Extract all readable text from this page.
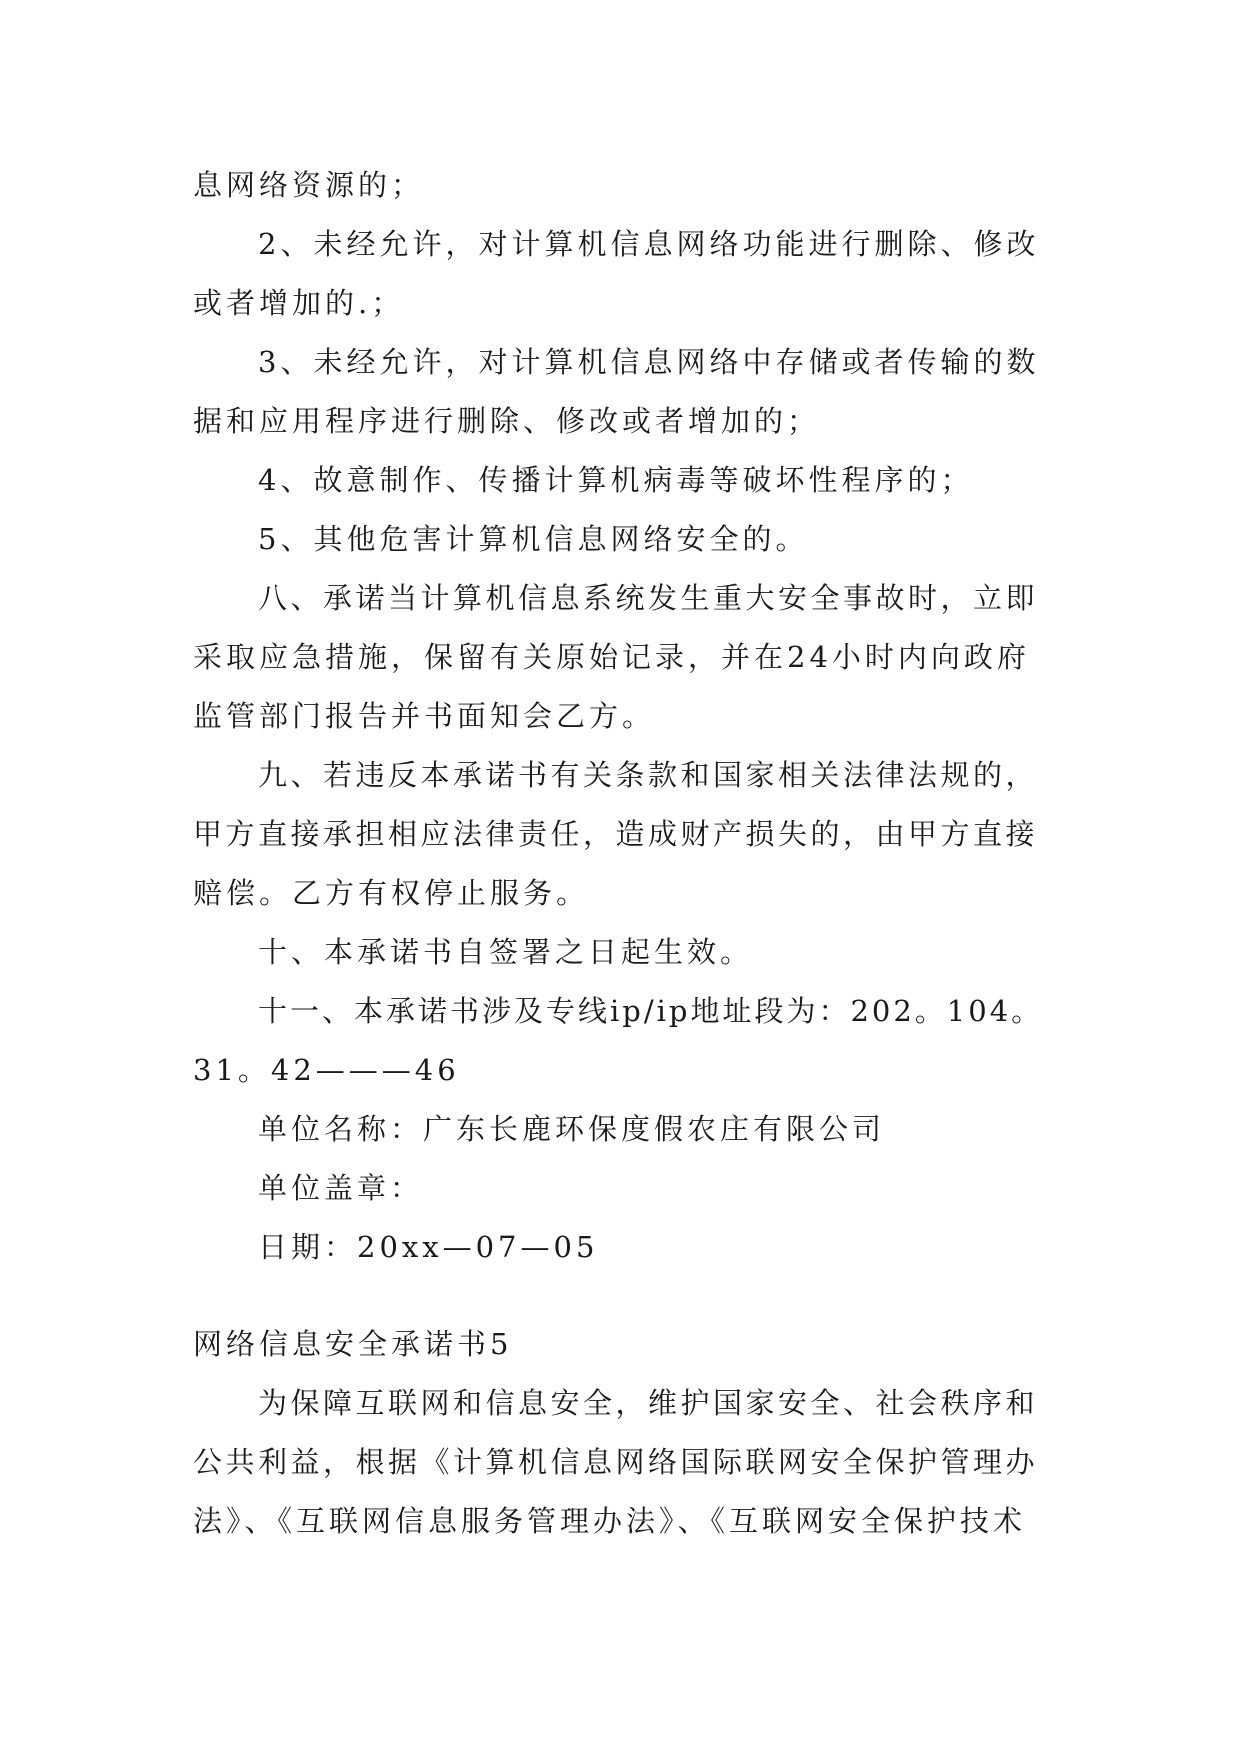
息网络资源的；
2、未经允许，对计算机信息网络功能进行删除、修改
或者增加的.；
3、未经允许，对计算机信息网络中存储或者传输的数
据和应用程序进行删除、修改或者增加的；
4、故意制作、传播计算机病毒等破坏性程序的；
5、其他危害计算机信息网络安全的。
八、承诺当计算机信息系统发生重大安全事故时，立即
采取应急措施，保留有关原始记录，并在24小时内向政府
监管部门报告并书面知会乙方。
九、若违反本承诺书有关条款和国家相关法律法规的，
甲方直接承担相应法律责任，造成财产损失的，由甲方直接
赔偿。乙方有权停止服务。
十、本承诺书自签署之日起生效。
十一、本承诺书涉及专线ip/ip地址段为：202。104。
31。42———46
单位名称：广东长鹿环保度假农庄有限公司
单位盖章：
日期：20xx—07—05
网络信息安全承诺书5
为保障互联网和信息安全，维护国家安全、社会秩序和
公共利益，根据《计算机信息网络国际联网安全保护管理办
法》、《互联网信息服务管理办法》、《互联网安全保护技术
